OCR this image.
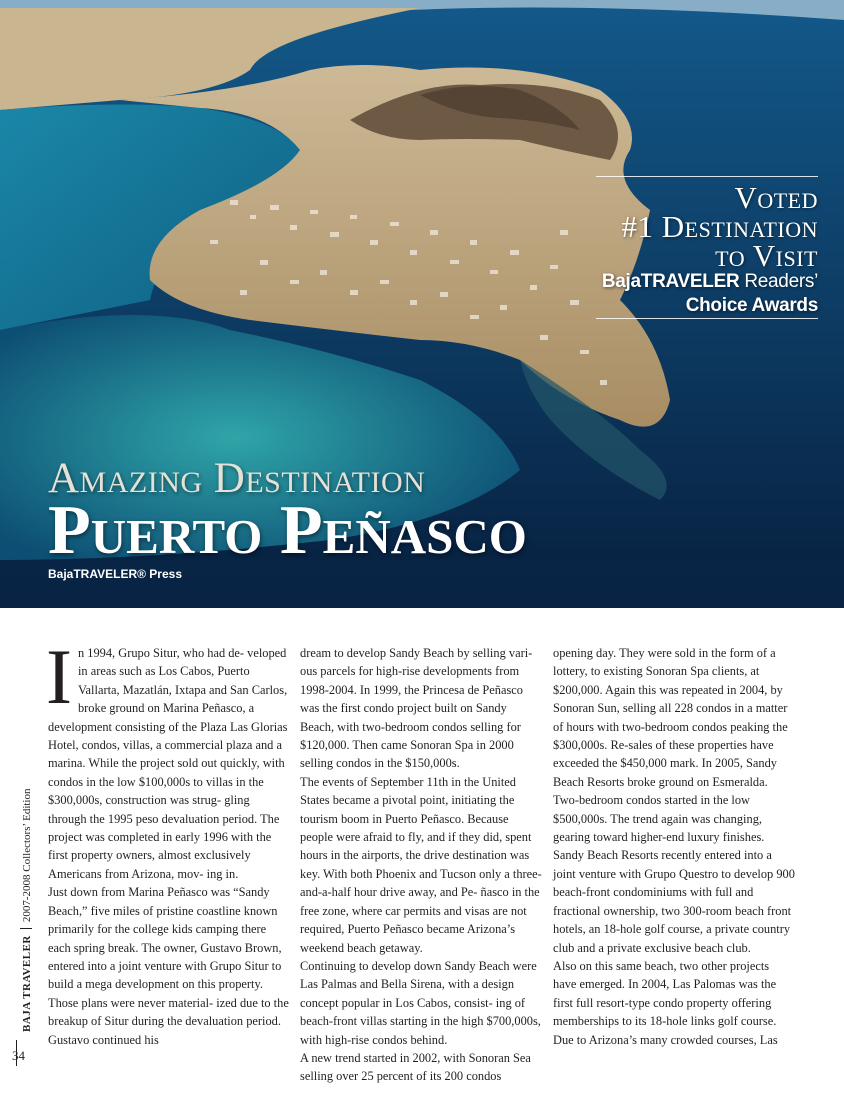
Voted
#1 Destination
to Visit
BajaTRAVELER Readers’
Choice Awards
Amazing Destination
Puerto Peñasco
BajaTRAVELER® Press
I n 1994, Grupo Situr, who had de- veloped in areas such as Los Cabos, Puerto Vallarta, Mazatlán, Ixtapa and San Carlos, broke ground on Marina Peñasco, a development consisting of the Plaza Las Glorias Hotel, condos, villas, a commercial plaza and a marina. While the project sold out quickly, with condos in the low $100,000s to villas in the $300,000s, construction was strug- gling through the 1995 peso devaluation period. The project was completed in early 1996 with the first property owners, almost exclusively Americans from Arizona, mov- ing in.

Just down from Marina Peñasco was “Sandy Beach,” five miles of pristine coastline known primarily for the college kids camping there each spring break. The owner, Gustavo Brown, entered into a joint venture with Grupo Situr to build a mega development on this property. Those plans were never material- ized due to the breakup of Situr during the devaluation period. Gustavo continued his

dream to develop Sandy Beach by selling vari- ous parcels for high-rise developments from 1998-2004. In 1999, the Princesa de Peñasco was the first condo project built on Sandy Beach, with two-bedroom condos selling for $120,000. Then came Sonoran Spa in 2000 selling condos in the $150,000s.

The events of September 11th in the United States became a pivotal point, initiating the tourism boom in Puerto Peñasco. Because people were afraid to fly, and if they did, spent hours in the airports, the drive destination was key. With both Phoenix and Tucson only a three-and-a-half hour drive away, and Pe- ñasco in the free zone, where car permits and visas are not required, Puerto Peñasco became Arizona’s weekend beach getaway.

Continuing to develop down Sandy Beach were Las Palmas and Bella Sirena, with a design concept popular in Los Cabos, consist- ing of beach-front villas starting in the high $700,000s, with high-rise condos behind.

A new trend started in 2002, with Sonoran Sea selling over 25 percent of its 200 condos

opening day. They were sold in the form of a lottery, to existing Sonoran Spa clients, at $200,000. Again this was repeated in 2004, by Sonoran Sun, selling all 228 condos in a matter of hours with two-bedroom condos peaking the $300,000s. Re-sales of these properties have exceeded the $450,000 mark. In 2005, Sandy Beach Resorts broke ground on Esmeralda. Two-bedroom condos started in the low $500,000s. The trend again was changing, gearing toward higher-end luxury finishes.

Sandy Beach Resorts recently entered into a joint venture with Grupo Questro to develop 900 beach-front condominiums with full and fractional ownership, two 300-room beach front hotels, an 18-hole golf course, a private country club and a private exclusive beach club.

Also on this same beach, two other projects have emerged. In 2004, Las Palomas was the first full resort-type condo property offering memberships to its 18-hole links golf course. Due to Arizona’s many crowded courses, Las

BAJA TRAVELER2007-2008 Collectors’ Edition
34
